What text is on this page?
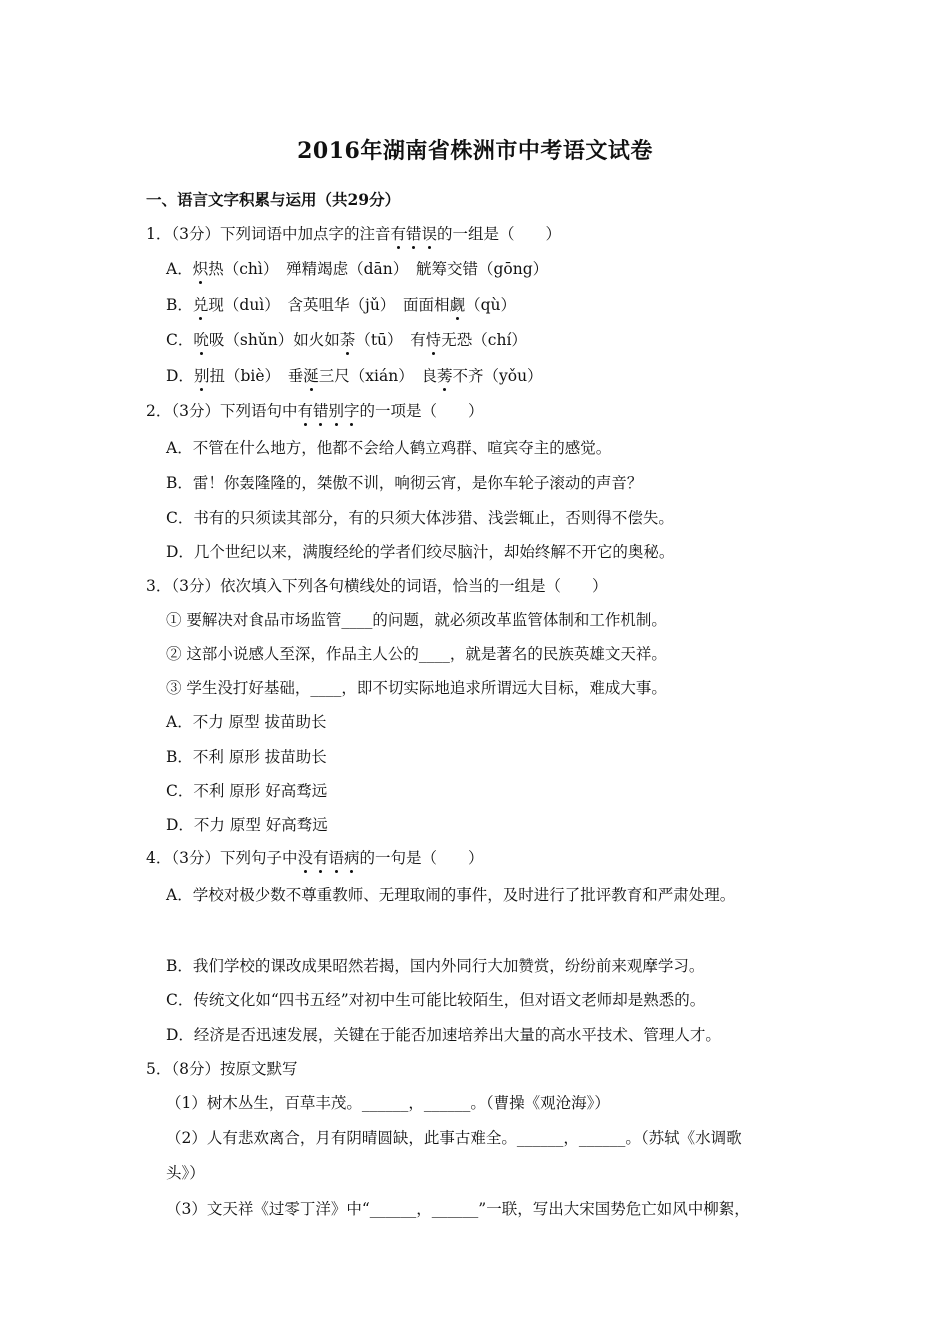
2016年湖南省株洲市中考语文试卷
一、语言文字积累与运用（共29分）
1．（3分）下列词语中加点字的注音有错误的一组是（　　）
A．炽热（chì）　殚精竭虑（dān）　觥筹交错（gōng）
B．兑现（duì）　含英咀华（jǔ）　面面相觑（qù）
C．吮吸（shǔn）如火如荼（tū）　有恃无恐（chí）
D．别扭（biè）　垂涎三尺（xián）　良莠不齐（yǒu）
2．（3分）下列语句中有错别字的一项是（　　）
A．不管在什么地方，他都不会给人鹤立鸡群、喧宾夺主的感觉。
B．雷！你轰隆隆的，桀傲不训，响彻云宵，是你车轮子滚动的声音？
C．书有的只须读其部分，有的只须大体涉猎、浅尝辄止，否则得不偿失。
D．几个世纪以来，满腹经纶的学者们绞尽脑汁，却始终解不开它的奥秘。
3．（3分）依次填入下列各句横线处的词语，恰当的一组是（　　）
① 要解决对食品市场监管____的问题，就必须改革监管体制和工作机制。
② 这部小说感人至深，作品主人公的____，就是著名的民族英雄文天祥。
③ 学生没打好基础，____，即不切实际地追求所谓远大目标，难成大事。
A．不力 原型 拔苗助长
B．不利 原形 拔苗助长
C．不利 原形 好高骛远
D．不力 原型 好高骛远
4．（3分）下列句子中没有语病的一句是（　　）
A．学校对极少数不尊重教师、无理取闹的事件，及时进行了批评教育和严肃处理。
B．我们学校的课改成果昭然若揭，国内外同行大加赞赏，纷纷前来观摩学习。
C．传统文化如“四书五经”对初中生可能比较陌生，但对语文老师却是熟悉的。
D．经济是否迅速发展，关键在于能否加速培养出大量的高水平技术、管理人才。
5．（8分）按原文默写
（1）树木丛生，百草丰茂。______，______。（曹操《观沧海》）
（2）人有悲欢离合，月有阴晴圆缺，此事古难全。______，______。（苏轼《水调歌
头》）
（3）文天祥《过零丁洋》中“______，______”一联，写出大宋国势危亡如风中柳絮，
